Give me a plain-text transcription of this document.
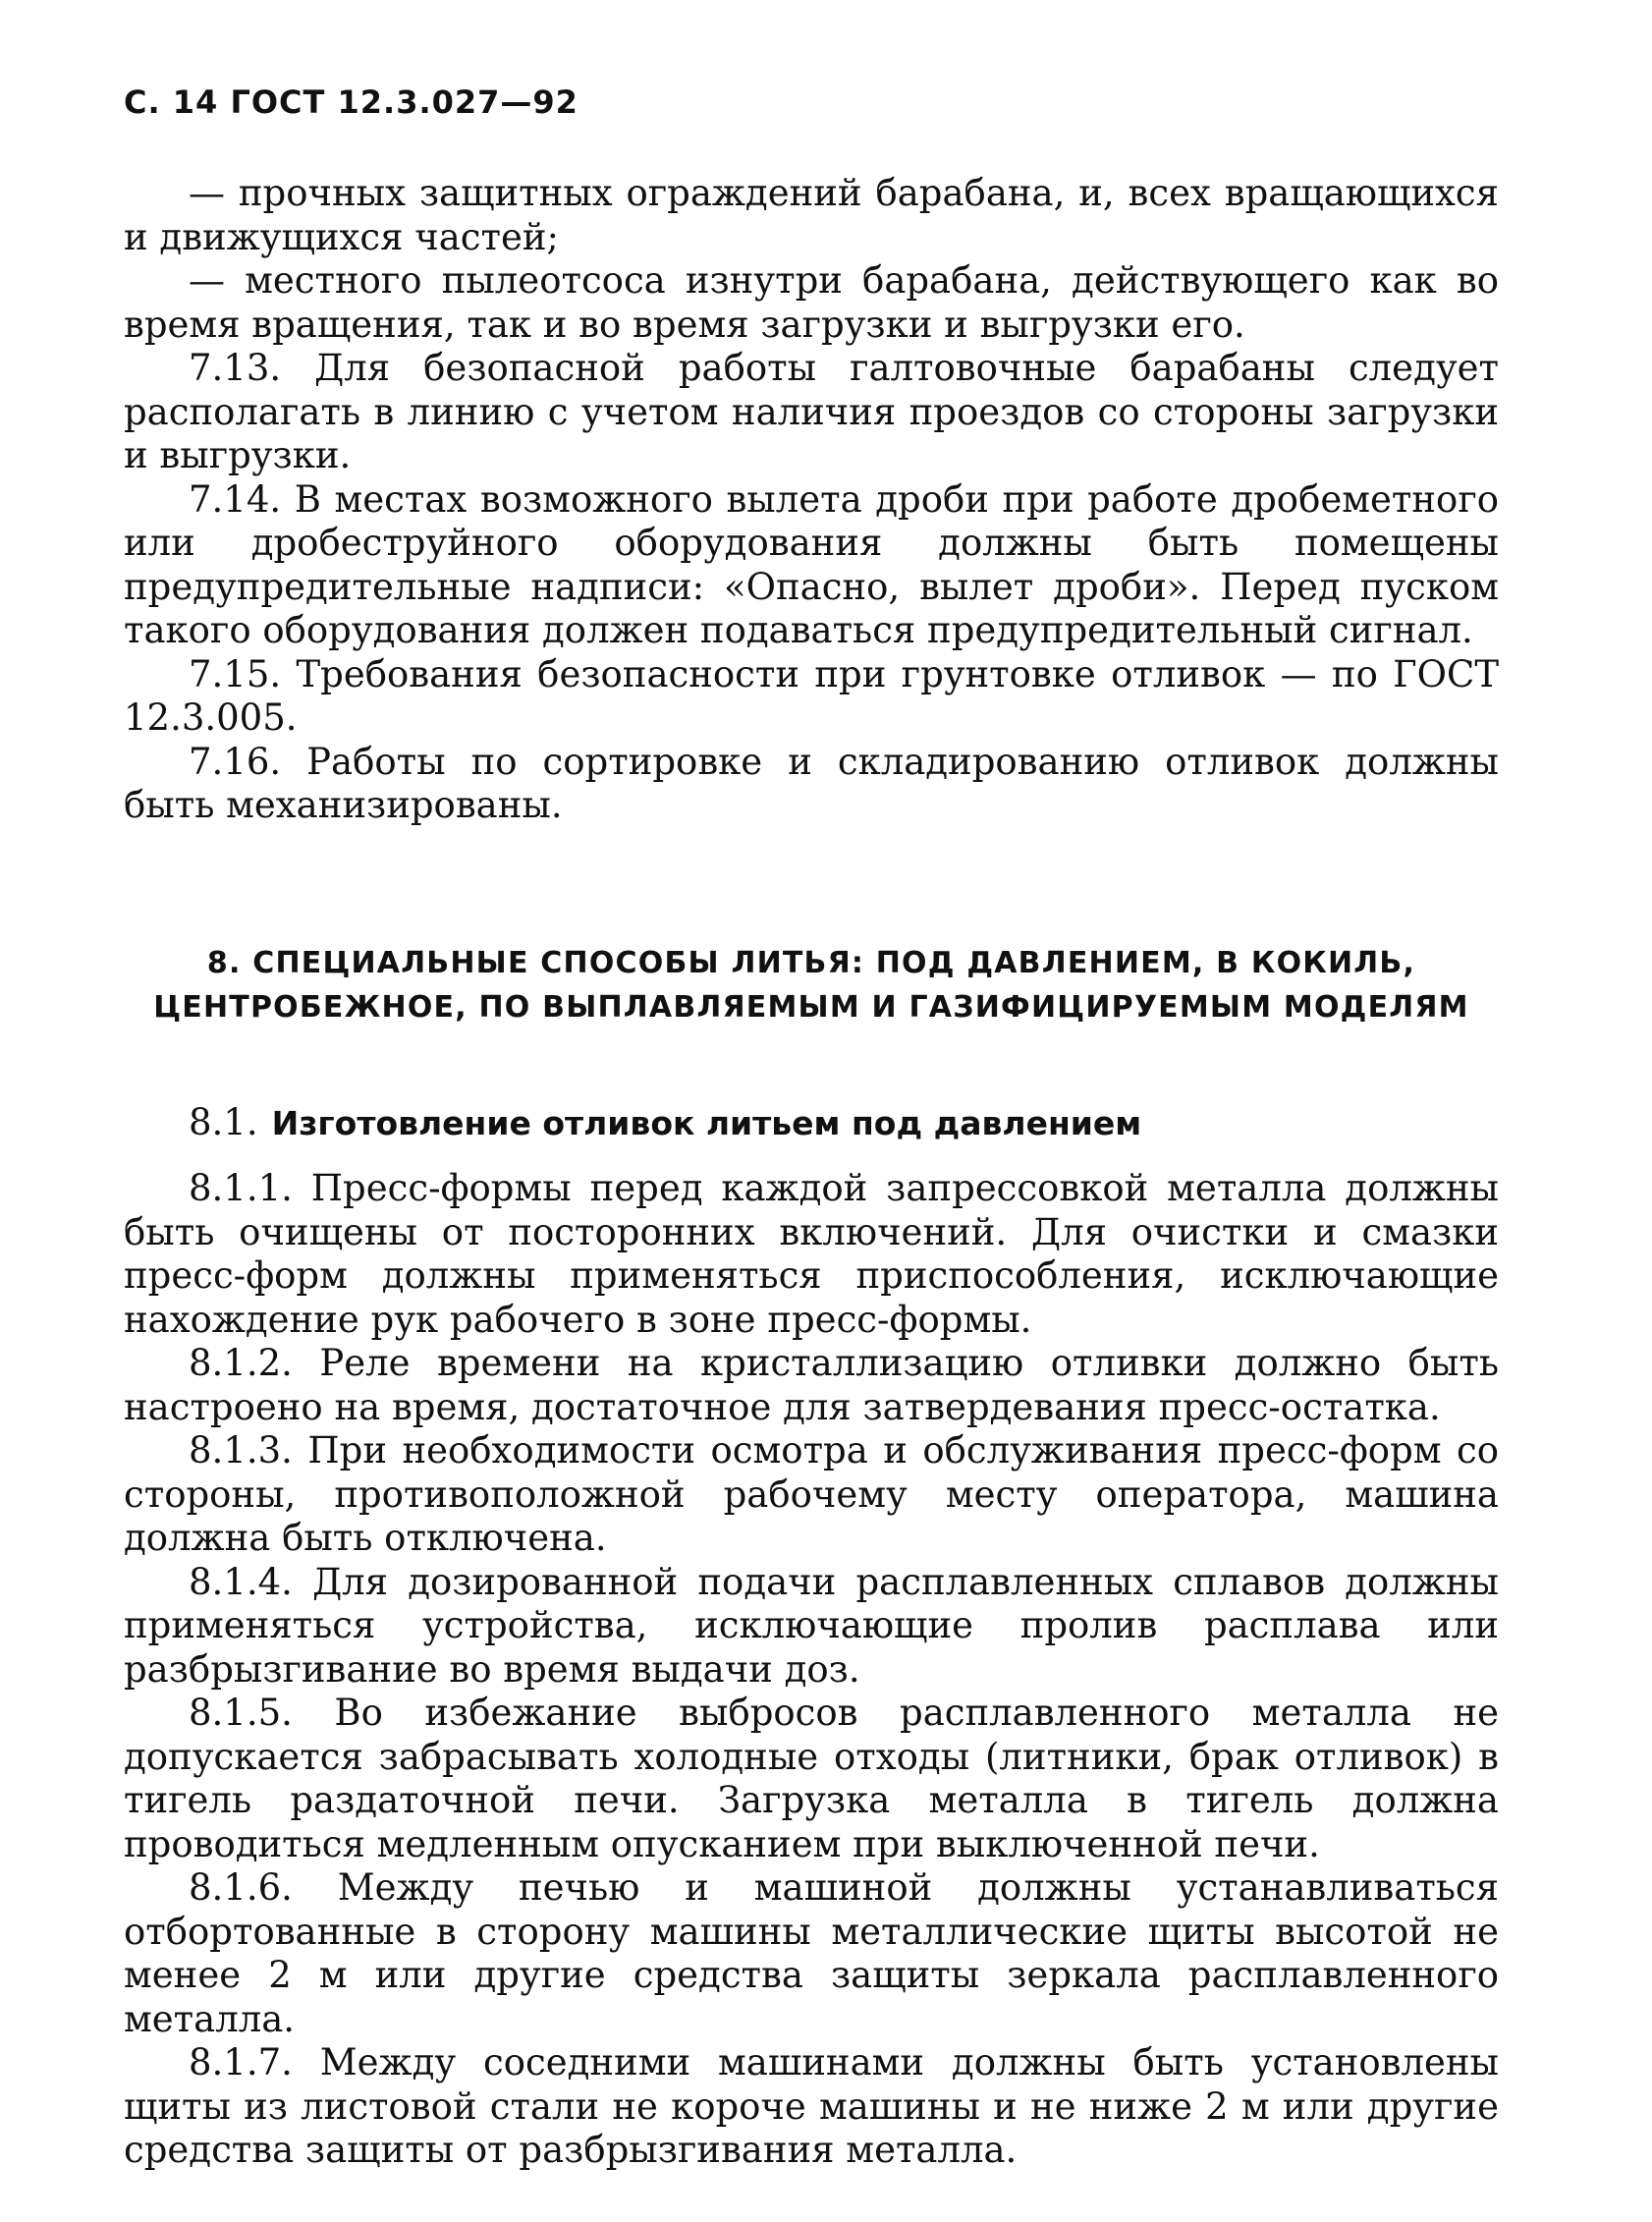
С. 14 ГОСТ 12.3.027—92

— прочных защитных ограждений барабана, и, всех вращающихся и движущихся частей;

— местного пылеотсоса изнутри барабана, действующего как во время вращения, так и во время загрузки и выгрузки его.

7.13. Для безопасной работы галтовочные барабаны следует располагать в линию с учетом наличия проездов со стороны загрузки и выгрузки.

7.14. В местах возможного вылета дроби при работе дробеметного или дробеструйного оборудования должны быть помещены предупредительные надписи: «Опасно, вылет дроби». Перед пуском такого оборудования должен подаваться предупредительный сигнал.

7.15. Требования безопасности при грунтовке отливок — по ГОСТ 12.3.005.

7.16. Работы по сортировке и складированию отливок должны быть механизированы.

8. СПЕЦИАЛЬНЫЕ СПОСОБЫ ЛИТЬЯ: ПОД ДАВЛЕНИЕМ, В КОКИЛЬ, ЦЕНТРОБЕЖНОЕ, ПО ВЫПЛАВЛЯЕМЫМ И ГАЗИФИЦИРУЕМЫМ МОДЕЛЯМ
8.1. Изготовление отливок литьем под давлением

8.1.1. Пресс-формы перед каждой запрессовкой металла должны быть очищены от посторонних включений. Для очистки и смазки пресс-форм должны применяться приспособления, исключающие нахождение рук рабочего в зоне пресс-формы.

8.1.2. Реле времени на кристаллизацию отливки должно быть настроено на время, достаточное для затвердевания пресс-остатка.

8.1.3. При необходимости осмотра и обслуживания пресс-форм со стороны, противоположной рабочему месту оператора, машина должна быть отключена.

8.1.4. Для дозированной подачи расплавленных сплавов должны применяться устройства, исключающие пролив расплава или разбрызгивание во время выдачи доз.

8.1.5. Во избежание выбросов расплавленного металла не допускается забрасывать холодные отходы (литники, брак отливок) в тигель раздаточной печи. Загрузка металла в тигель должна проводиться медленным опусканием при выключенной печи.

8.1.6. Между печью и машиной должны устанавливаться отбортованные в сторону машины металлические щиты высотой не менее 2 м или другие средства защиты зеркала расплавленного металла.

8.1.7. Между соседними машинами должны быть установлены щиты из листовой стали не короче машины и не ниже 2 м или другие средства защиты от разбрызгивания металла.
